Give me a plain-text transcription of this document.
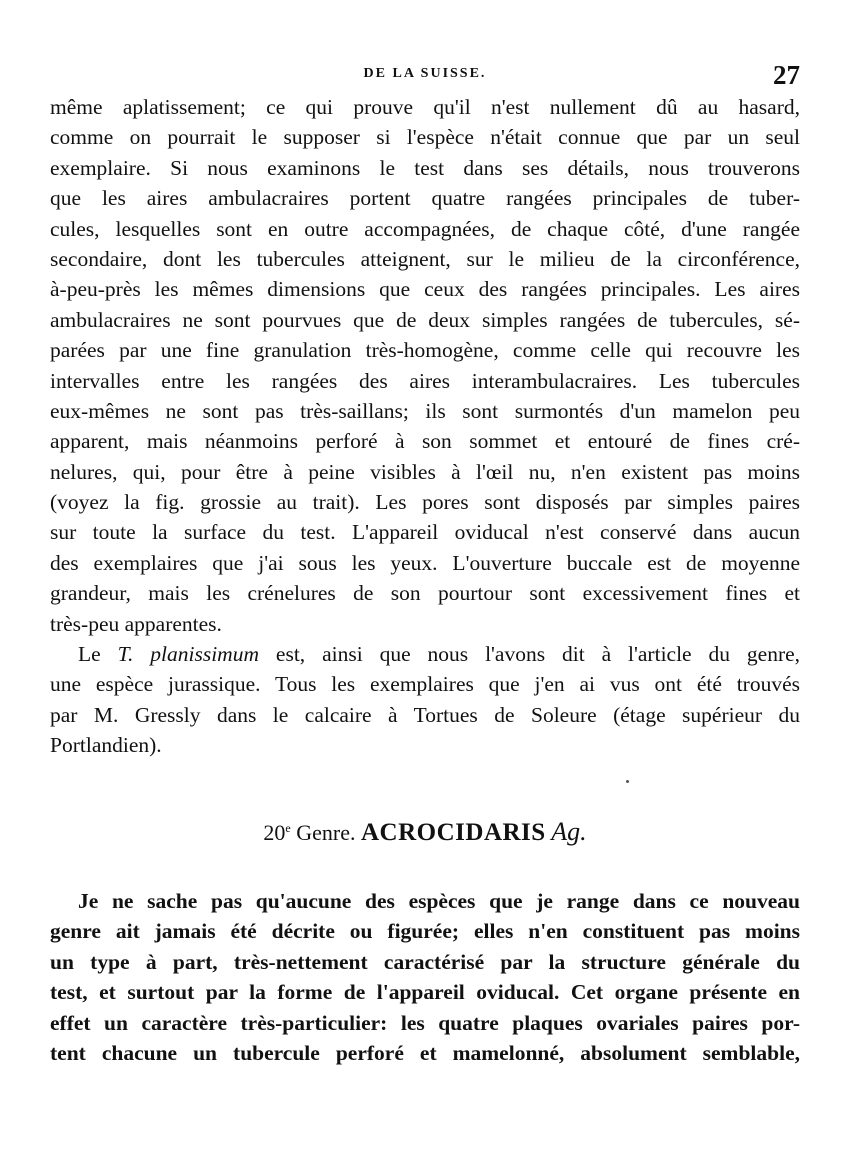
DE LA SUISSE.	27
même aplatissement; ce qui prouve qu'il n'est nullement dû au hasard,
comme on pourrait le supposer si l'espèce n'était connue que par un seul
exemplaire. Si nous examinons le test dans ses détails, nous trouverons
que les aires ambulacraires portent quatre rangées principales de tuber-
cules, lesquelles sont en outre accompagnées, de chaque côté, d'une rangée
secondaire, dont les tubercules atteignent, sur le milieu de la circonférence,
à-peu-près les mêmes dimensions que ceux des rangées principales. Les aires
ambulacraires ne sont pourvues que de deux simples rangées de tubercules, sé-
parées par une fine granulation très-homogène, comme celle qui recouvre les
intervalles entre les rangées des aires interambulacraires. Les tubercules
eux-mêmes ne sont pas très-saillans; ils sont surmontés d'un mamelon peu
apparent, mais néanmoins perforé à son sommet et entouré de fines cré-
nelures, qui, pour être à peine visibles à l'œil nu, n'en existent pas moins
(voyez la fig. grossie au trait). Les pores sont disposés par simples paires
sur toute la surface du test. L'appareil oviducal n'est conservé dans aucun
des exemplaires que j'ai sous les yeux. L'ouverture buccale est de moyenne
grandeur, mais les crénelures de son pourtour sont excessivement fines et
très-peu apparentes.
Le T. planissimum est, ainsi que nous l'avons dit à l'article du genre,
une espèce jurassique. Tous les exemplaires que j'en ai vus ont été trouvés
par M. Gressly dans le calcaire à Tortues de Soleure (étage supérieur du
Portlandien).
20e Genre. ACROCIDARIS Ag.
Je ne sache pas qu'aucune des espèces que je range dans ce nouveau
genre ait jamais été décrite ou figurée; elles n'en constituent pas moins
un type à part, très-nettement caractérisé par la structure générale du
test, et surtout par la forme de l'appareil oviducal. Cet organe présente en
effet un caractère très-particulier: les quatre plaques ovariales paires por-
tent chacune un tubercule perforé et mamelonné, absolument semblable,
